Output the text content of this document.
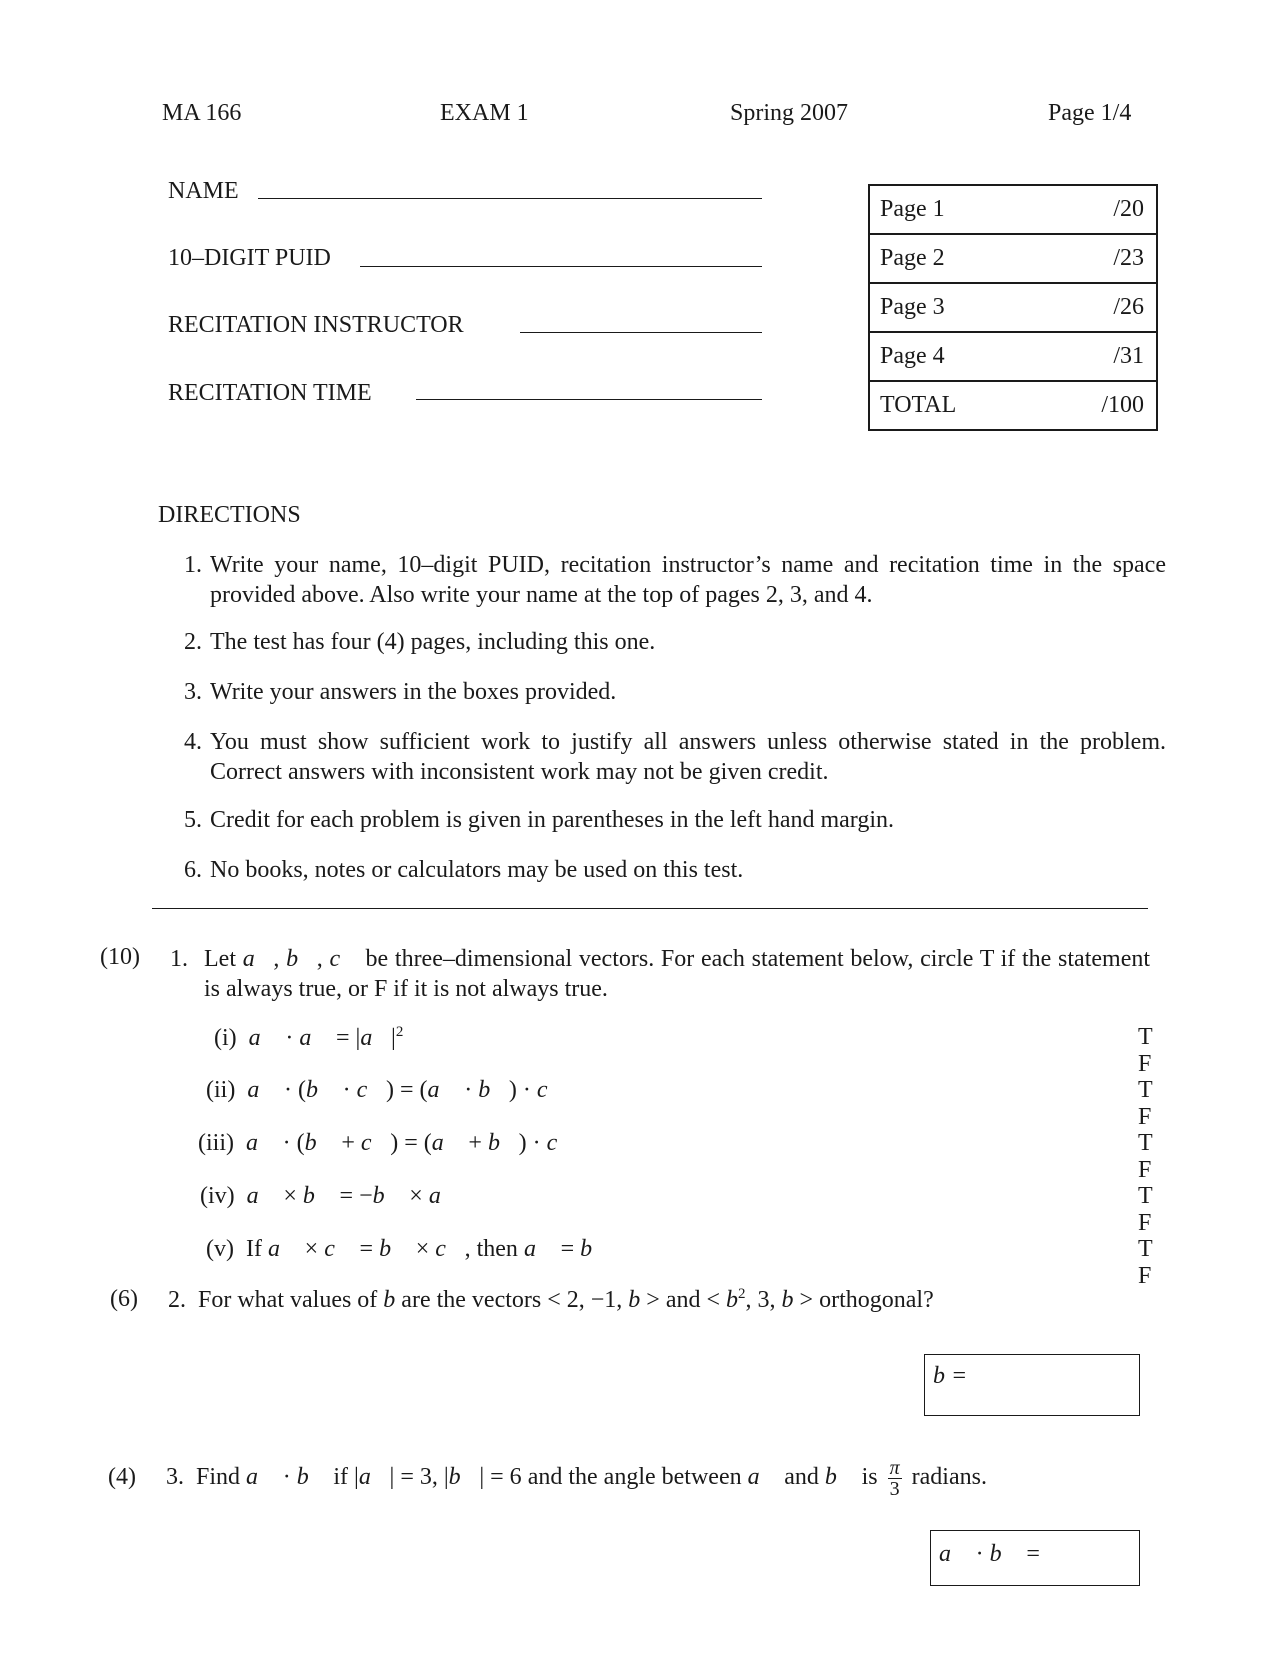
MA 166	EXAM 1	Spring 2007	Page 1/4
NAME
10–DIGIT PUID
RECITATION INSTRUCTOR
RECITATION TIME
Page 1	/20
Page 2	/23
Page 3	/26
Page 4	/31
TOTAL	/100
DIRECTIONS
1. Write your name, 10–digit PUID, recitation instructor’s name and recitation time in the space provided above. Also write your name at the top of pages 2, 3, and 4.
2. The test has four (4) pages, including this one.
3. Write your answers in the boxes provided.
4. You must show sufficient work to justify all answers unless otherwise stated in the problem. Correct answers with inconsistent work may not be given credit.
5. Credit for each problem is given in parentheses in the left hand margin.
6. No books, notes or calculators may be used on this test.
(10) 1. Let a⃗, b⃗, c⃗ be three–dimensional vectors. For each statement below, circle T if the statement is always true, or F if it is not always true.
(i) a⃗ · a⃗ = $|a⃗|^2$	TF
(ii) a⃗ · (b⃗ · c⃗) = (a⃗ · b⃗) · c⃗	TF
(iii) a⃗ · (b⃗ + c⃗) = (a⃗ + b⃗) · c⃗	TF
(iv) a⃗ × b⃗ = −b⃗ × a⃗	TF
(v) If a⃗ × c⃗ = b⃗ × c⃗, then a⃗ = b⃗	TF
(6) 2. For what values of b are the vectors < 2, −1, b > and < $b^2$, 3, b > orthogonal?
b =
(4) 3. Find a⃗ · b⃗ if |a⃗| = 3, |b⃗| = 6 and the angle between a⃗ and b⃗ is $\frac{\pi}{3}$ radians.
a⃗ · b⃗ =
